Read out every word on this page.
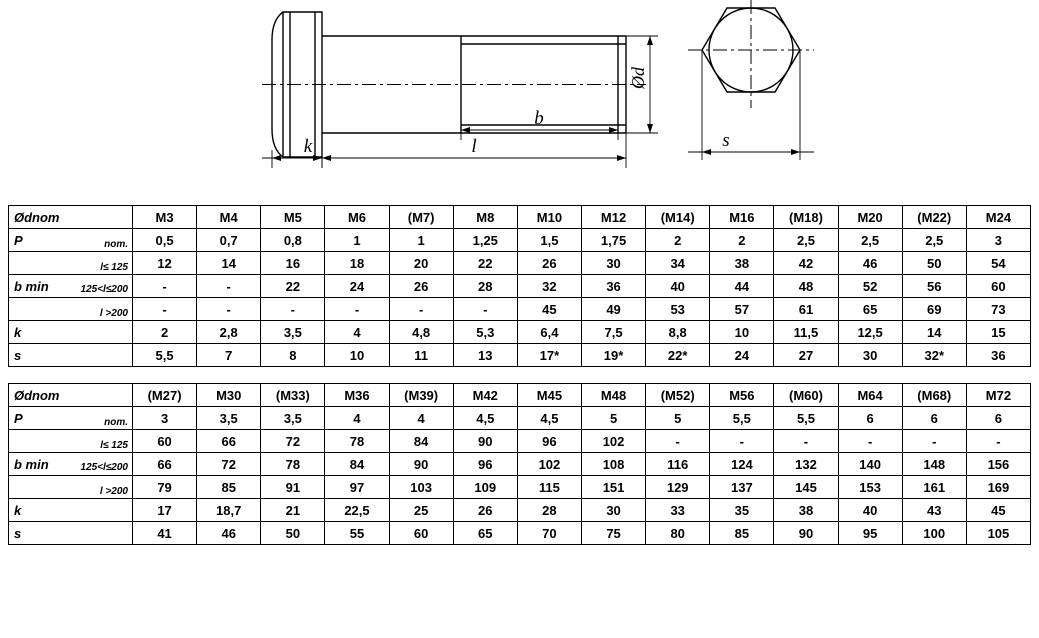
Ød
b
l
k	s
Ødnom	M3	M4	M5	M6	(M7)	M8	M10	M12	(M14)	M16	(M18)	M20	(M22)	M24
P nom.	0,5	0,7	0,8	1	1	1,25	1,5	1,75	2	2	2,5	2,5	2,5	3

l≤ 125	12	14	16	18	20	22	26	30	34	38	42	46	50	54
b min 125<l≤200	-	-	22	24	26	28	32	36	40	44	48	52	56	60

l >200	-	-	-	-	-	-	45	49	53	57	61	65	69	73
k	2	2,8	3,5	4	4,8	5,3	6,4	7,5	8,8	10	11,5	12,5	14	15
s	5,5	7	8	10	11	13	17*	19*	22*	24	27	30	32*	36
Ødnom	(M27)	M30	(M33)	M36	(M39)	M42	M45	M48	(M52)	M56	(M60)	M64	(M68)	M72
P nom.	3	3,5	3,5	4	4	4,5	4,5	5	5	5,5	5,5	6	6	6

l≤ 125	60	66	72	78	84	90	96	102	-	-	-	-	-	-
b min 125<l≤200	66	72	78	84	90	96	102	108	116	124	132	140	148	156

l >200	79	85	91	97	103	109	115	151	129	137	145	153	161	169
k	17	18,7	21	22,5	25	26	28	30	33	35	38	40	43	45
s	41	46	50	55	60	65	70	75	80	85	90	95	100	105
